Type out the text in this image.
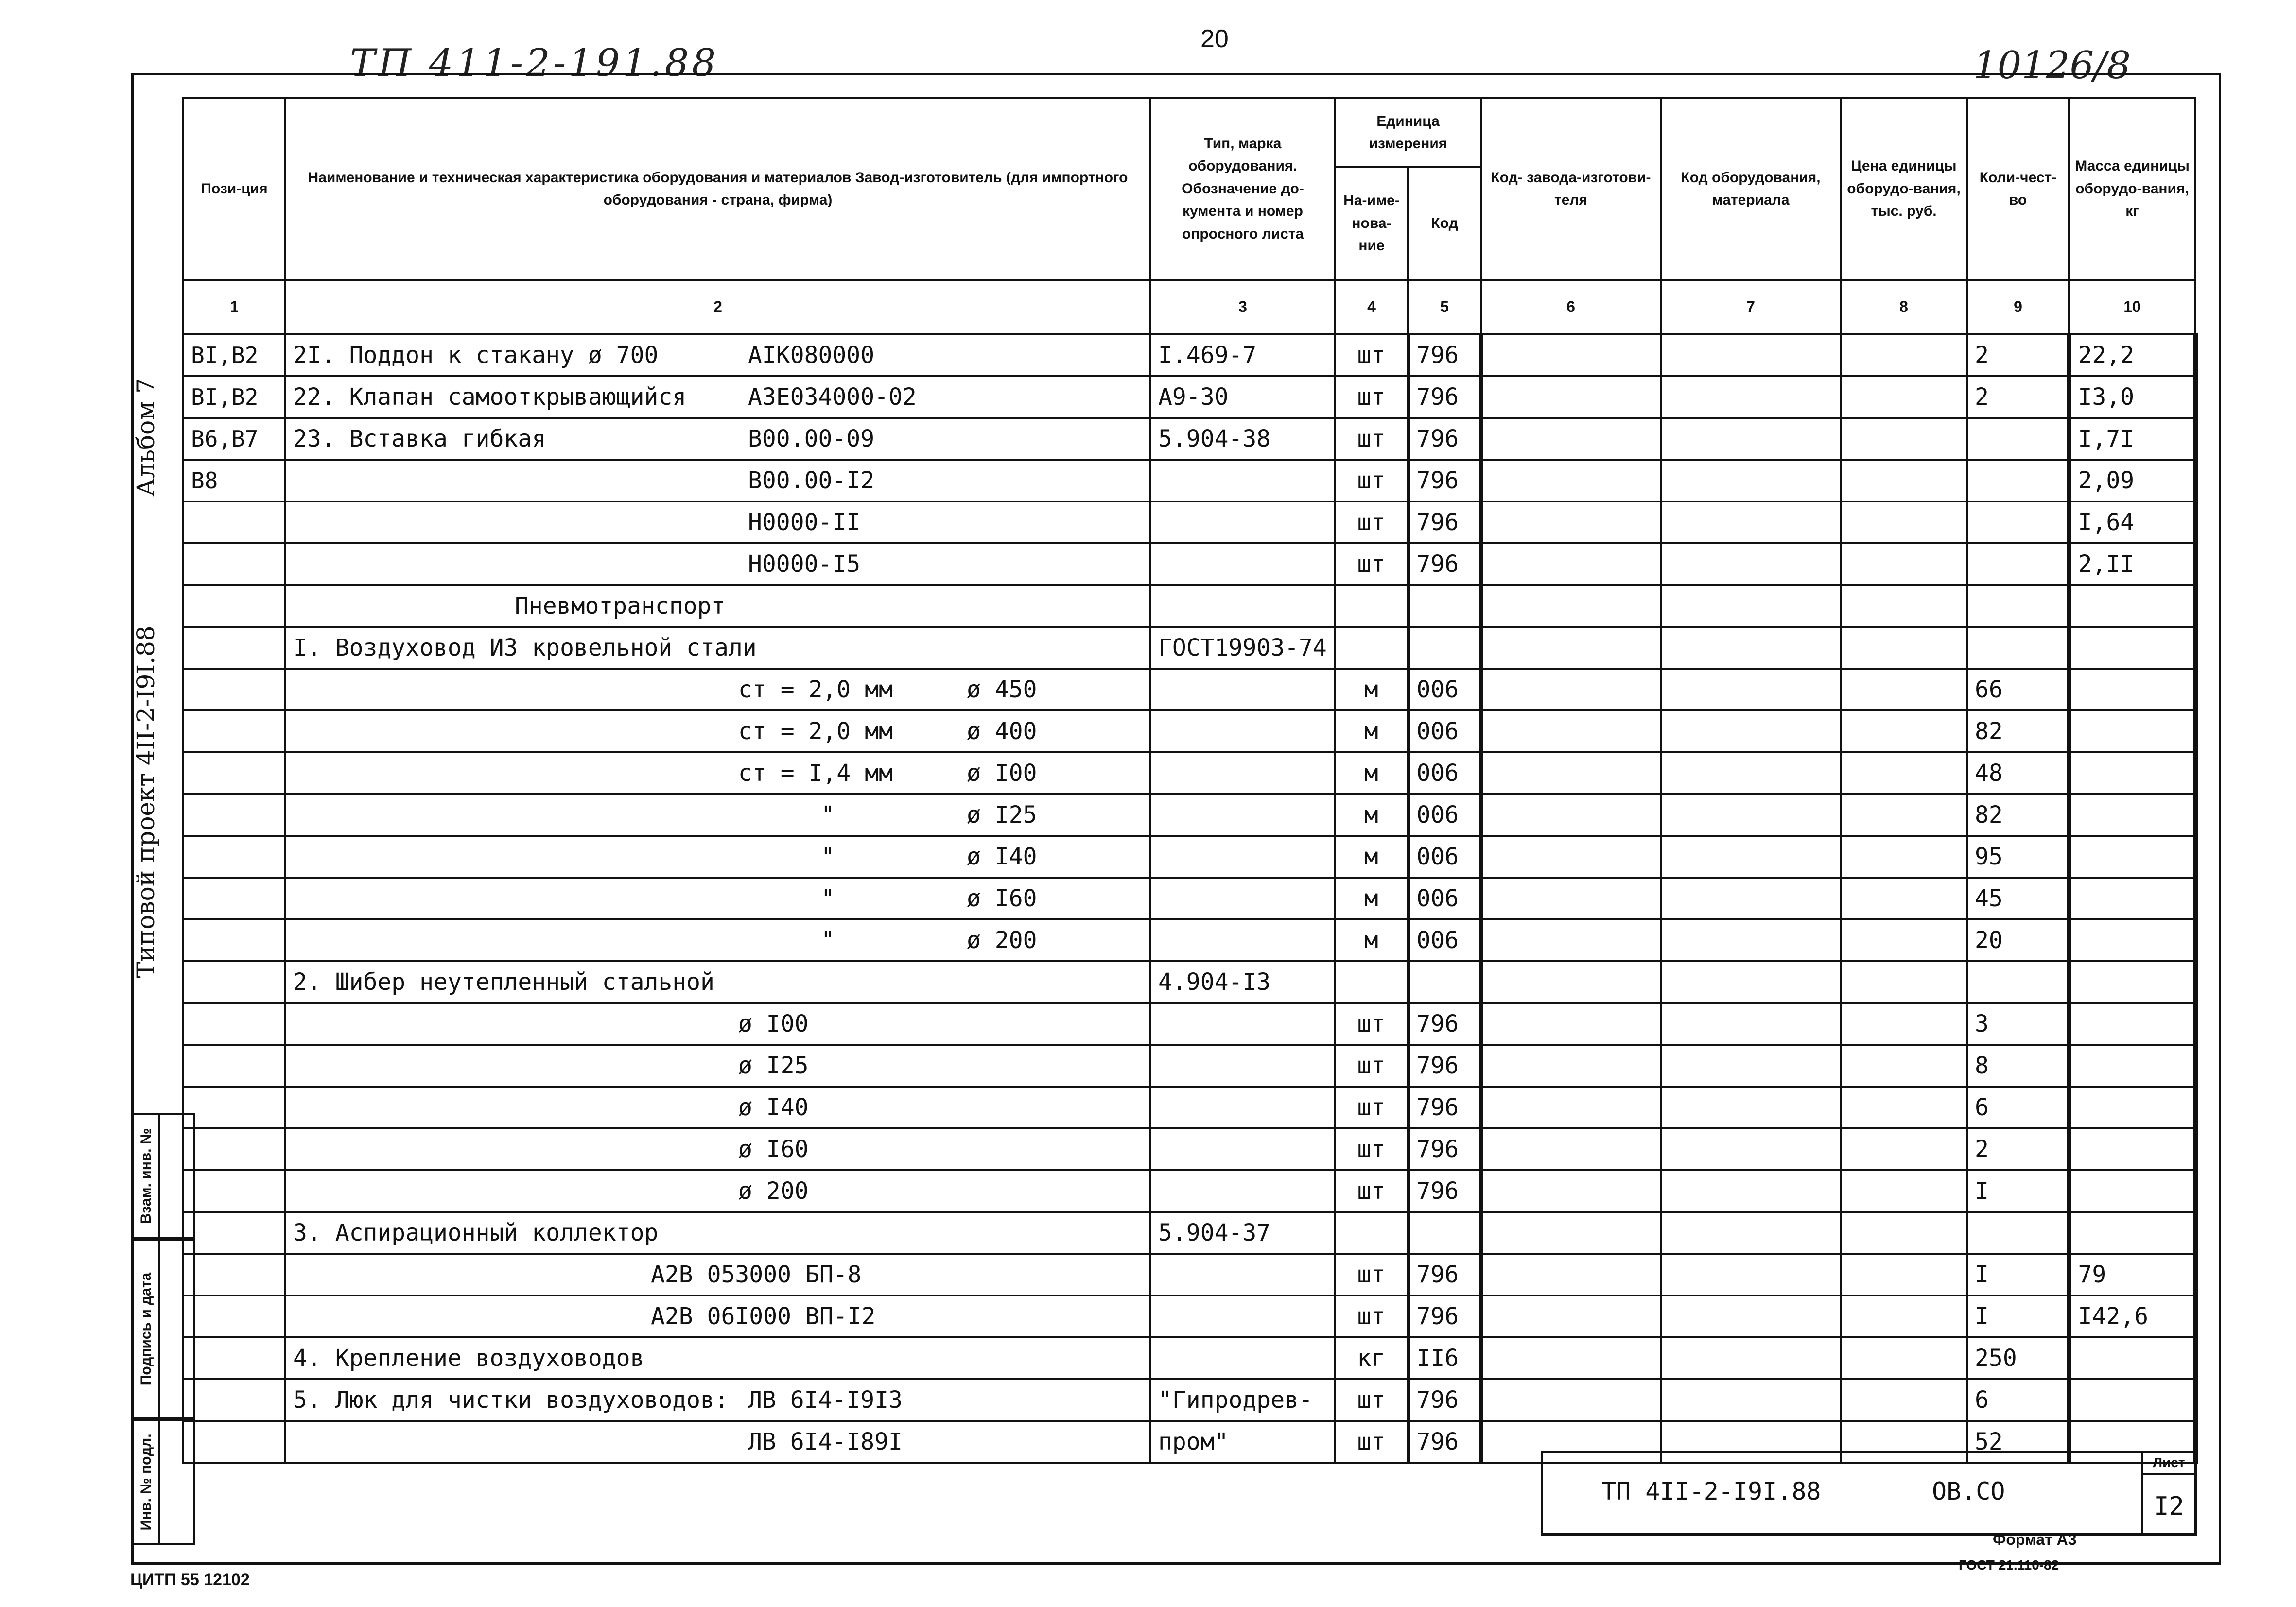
20
ТП 411-2-191.88	10126/8
Альбом 7
Типовой проект 4II-2-I9I.88
Взам. инв. №
Подпись и дата
Инв. № подл.
Пози-ция	Наименование и техническая характеристика оборудования и материалов Завод-изготовитель (для импортного оборудования - страна, фирма)	Тип, марка оборудования. Обозначение до-кумента и номер опросного листа	Единица измерения		Код- завода-изготови-теля	Код оборудования, материала	Цена единицы оборудо-вания, тыс. руб.	Коли-чест-во	Масса единицы оборудо-вания, кг
			На-име-нова-ние	Код					
1	2	3	4	5	6	7	8	9	10
BI,B2	2I. Поддон к стакану ø 700 AIK080000	I.469-7	шт	796				2	22,2
BI,B2	22. Клапан самооткрывающийся А3Е034000-02	А9-30	шт	796				2	I3,0
B6,B7	23. Вставка гибкая B00.00-09	5.904-38	шт	796					I,7I
B8	B00.00-I2		шт	796					2,09

	H0000-II		шт	796					I,64

	H0000-I5		шт	796					2,II

	Пневмотранспорт								

	I. Воздуховод И3 кровельной стали	ГОСТ19903-74							

	ст = 2,0 мм ø 450		м	006				66	

	ст = 2,0 мм ø 400		м	006				82	

	ст = I,4 мм ø I00		м	006				48	

	" ø I25		м	006				82	

	" ø I40		м	006				95	

	" ø I60		м	006				45	

	" ø 200		м	006				20	

	2. Шибер неутепленный стальной	4.904-I3							

	ø I00		шт	796				3	

	ø I25		шт	796				8	

	ø I40		шт	796				6	

	ø I60		шт	796				2	

	ø 200		шт	796				I	

	3. Аспирационный коллектор	5.904-37							

	А2В 053000 БП-8		шт	796				I	79

	А2В 06I000 ВП-I2		шт	796				I	I42,6

	4. Крепление воздуховодов		кг	II6				250	

	5. Люк для чистки воздуховодов: ЛВ 6I4-I9I3	"Гипродрев-	шт	796				6	

	ЛВ 6I4-I89I	пром"	шт	796				52	

ТП 4II-2-I9I.88	ОВ.СО
Лист
I2
Формат А3
ГОСТ 21.110-82
ЦИТП 55 12102
